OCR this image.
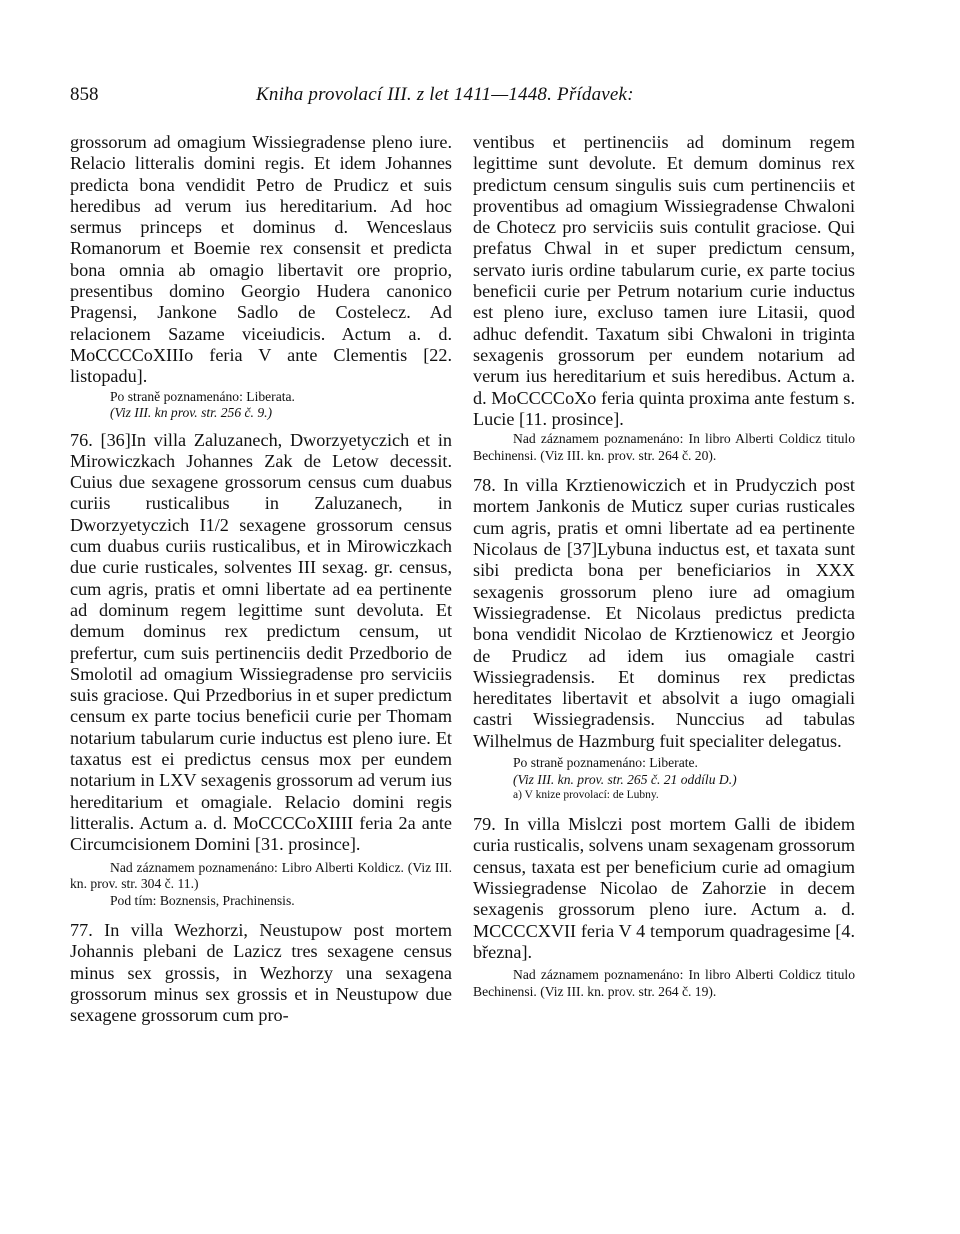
858	Kniha provolací III. z let 1411—1448. Přídavek:

grossorum ad omagium Wissiegradense pleno iure. Relacio litteralis domini regis. Et idem Johannes predicta bona vendidit Petro de Prudicz et suis heredibus ad verum ius hereditarium. Ad hoc sermus princeps et dominus d. Wenceslaus Romanorum et Boemie rex consensit et predicta bona omnia ab omagio libertavit ore proprio, presentibus domino Georgio Hudera canonico Pragensi, Jankone Sadlo de Costelecz. Ad relacionem Sazame viceiudicis. Actum a. d. MoCCCCoXIIIo feria V ante Clementis [22. listopadu].

Po straně poznamenáno: Liberata.

(Viz III. kn prov. str. 256 č. 9.)

76. [36]In villa Zaluzanech, Dworzyetyczich et in Mirowiczkach Johannes Zak de Letow decessit. Cuius due sexagene grossorum census cum duabus curiis rusticalibus in Zaluzanech, in Dworzyetyczich I1/2 sexagene grossorum census cum duabus curiis rusticalibus, et in Mirowiczkach due curie rusticales, solventes III sexag. gr. census, cum agris, pratis et omni libertate ad ea pertinente ad dominum regem legittime sunt devoluta. Et demum dominus rex predictum censum, ut prefertur, cum suis pertinenciis dedit Przedborio de Smolotil ad omagium Wissiegradense pro serviciis suis graciose. Qui Przedborius in et super predictum censum ex parte tocius beneficii curie per Thomam notarium tabularum curie inductus est pleno iure. Et taxatus est ei predictus census mox per eundem notarium in LXV sexagenis grossorum ad verum ius hereditarium et omagiale. Relacio domini regis litteralis. Actum a. d. MoCCCCoXIIII feria 2a ante Circumcisionem Domini [31. prosince].

Nad záznamem poznamenáno: Libro Alberti Koldicz. (Viz III. kn. prov. str. 304 č. 11.)

Pod tím: Boznensis, Prachinensis.

77. In villa Wezhorzi, Neustupow post mortem Johannis plebani de Lazicz tres sexagene census minus sex grossis, in Wezhorzy una sexagena grossorum minus sex grossis et in Neustupow due sexagene grossorum cum pro-

ventibus et pertinenciis ad dominum regem legittime sunt devolute. Et demum dominus rex predictum censum singulis suis cum pertinenciis et proventibus ad omagium Wissiegradense Chwaloni de Chotecz pro serviciis suis contulit graciose. Qui prefatus Chwal in et super predictum censum, servato iuris ordine tabularum curie, ex parte tocius beneficii curie per Petrum notarium curie inductus est pleno iure, excluso tamen iure Litasii, quod adhuc defendit. Taxatum sibi Chwaloni in triginta sexagenis grossorum per eundem notarium ad verum ius hereditarium et suis heredibus. Actum a. d. MoCCCCoXo feria quinta proxima ante festum s. Lucie [11. prosince].

Nad záznamem poznamenáno: In libro Alberti Coldicz titulo Bechinensi. (Viz III. kn. prov. str. 264 č. 20).

78. In villa Krztienowiczich et in Prudyczich post mortem Jankonis de Muticz super curias rusticales cum agris, pratis et omni libertate ad ea pertinente Nicolaus de [37]Lybuna inductus est, et taxata sunt sibi predicta bona per beneficiarios in XXX sexagenis grossorum pleno iure ad omagium Wissiegradense. Et Nicolaus predictus predicta bona vendidit Nicolao de Krztienowicz et Jeorgio de Prudicz ad idem ius omagiale castri Wissiegradensis. Et dominus rex predictas hereditates libertavit et absolvit a iugo omagiali castri Wissiegradensis. Nunccius ad tabulas Wilhelmus de Hazmburg fuit specialiter delegatus.

Po straně poznamenáno: Liberate.

(Viz III. kn. prov. str. 265 č. 21 oddílu D.)

a) V knize provolací: de Lubny.

79. In villa Mislczi post mortem Galli de ibidem curia rusticalis, solvens unam sexagenam grossorum census, taxata est per beneficium curie ad omagium Wissiegradense Nicolao de Zahorzie in decem sexagenis grossorum pleno iure. Actum a. d. MCCCCXVII feria V 4 temporum quadragesime [4. března].

Nad záznamem poznamenáno: In libro Alberti Coldicz titulo Bechinensi. (Viz III. kn. prov. str. 264 č. 19).
